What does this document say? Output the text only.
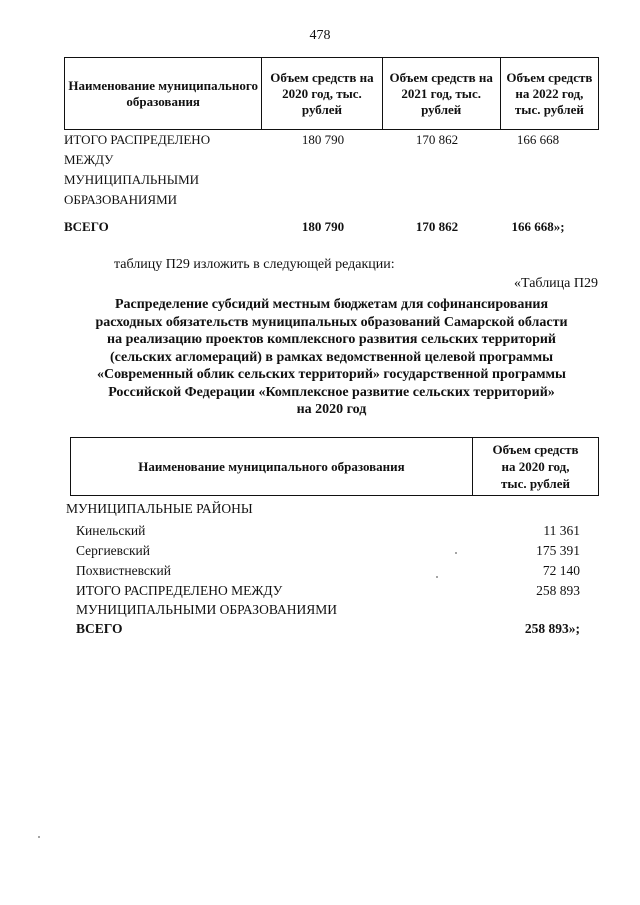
478
Наименование муниципального образования	Объем средств на 2020 год, тыс. рублей	Объем средств на 2021 год, тыс. рублей	Объем средств на 2022 год, тыс. рублей
ИТОГО РАСПРЕДЕЛЕНО
МЕЖДУ
МУНИЦИПАЛЬНЫМИ
ОБРАЗОВАНИЯМИ
180 790	170 862	166 668
ВСЕГО	180 790	170 862	166 668»;
таблицу П29 изложить в следующей редакции:
«Таблица П29
Распределение субсидий местным бюджетам для софинансирования
расходных обязательств муниципальных образований Самарской области
на реализацию проектов комплексного развития сельских территорий
(сельских агломераций) в рамках ведомственной целевой программы
«Современный облик сельских территорий» государственной программы
Российской Федерации «Комплексное развитие сельских территорий»
на 2020 год
Наименование муниципального образования	
Объем средств на 2020 год, тыс. рублей
МУНИЦИПАЛЬНЫЕ РАЙОНЫ
Кинельский	11 361
Сергиевский	175 391
Похвистневский	72 140
ИТОГО РАСПРЕДЕЛЕНО МЕЖДУ	258 893
МУНИЦИПАЛЬНЫМИ ОБРАЗОВАНИЯМИ
ВСЕГО	258 893»;
